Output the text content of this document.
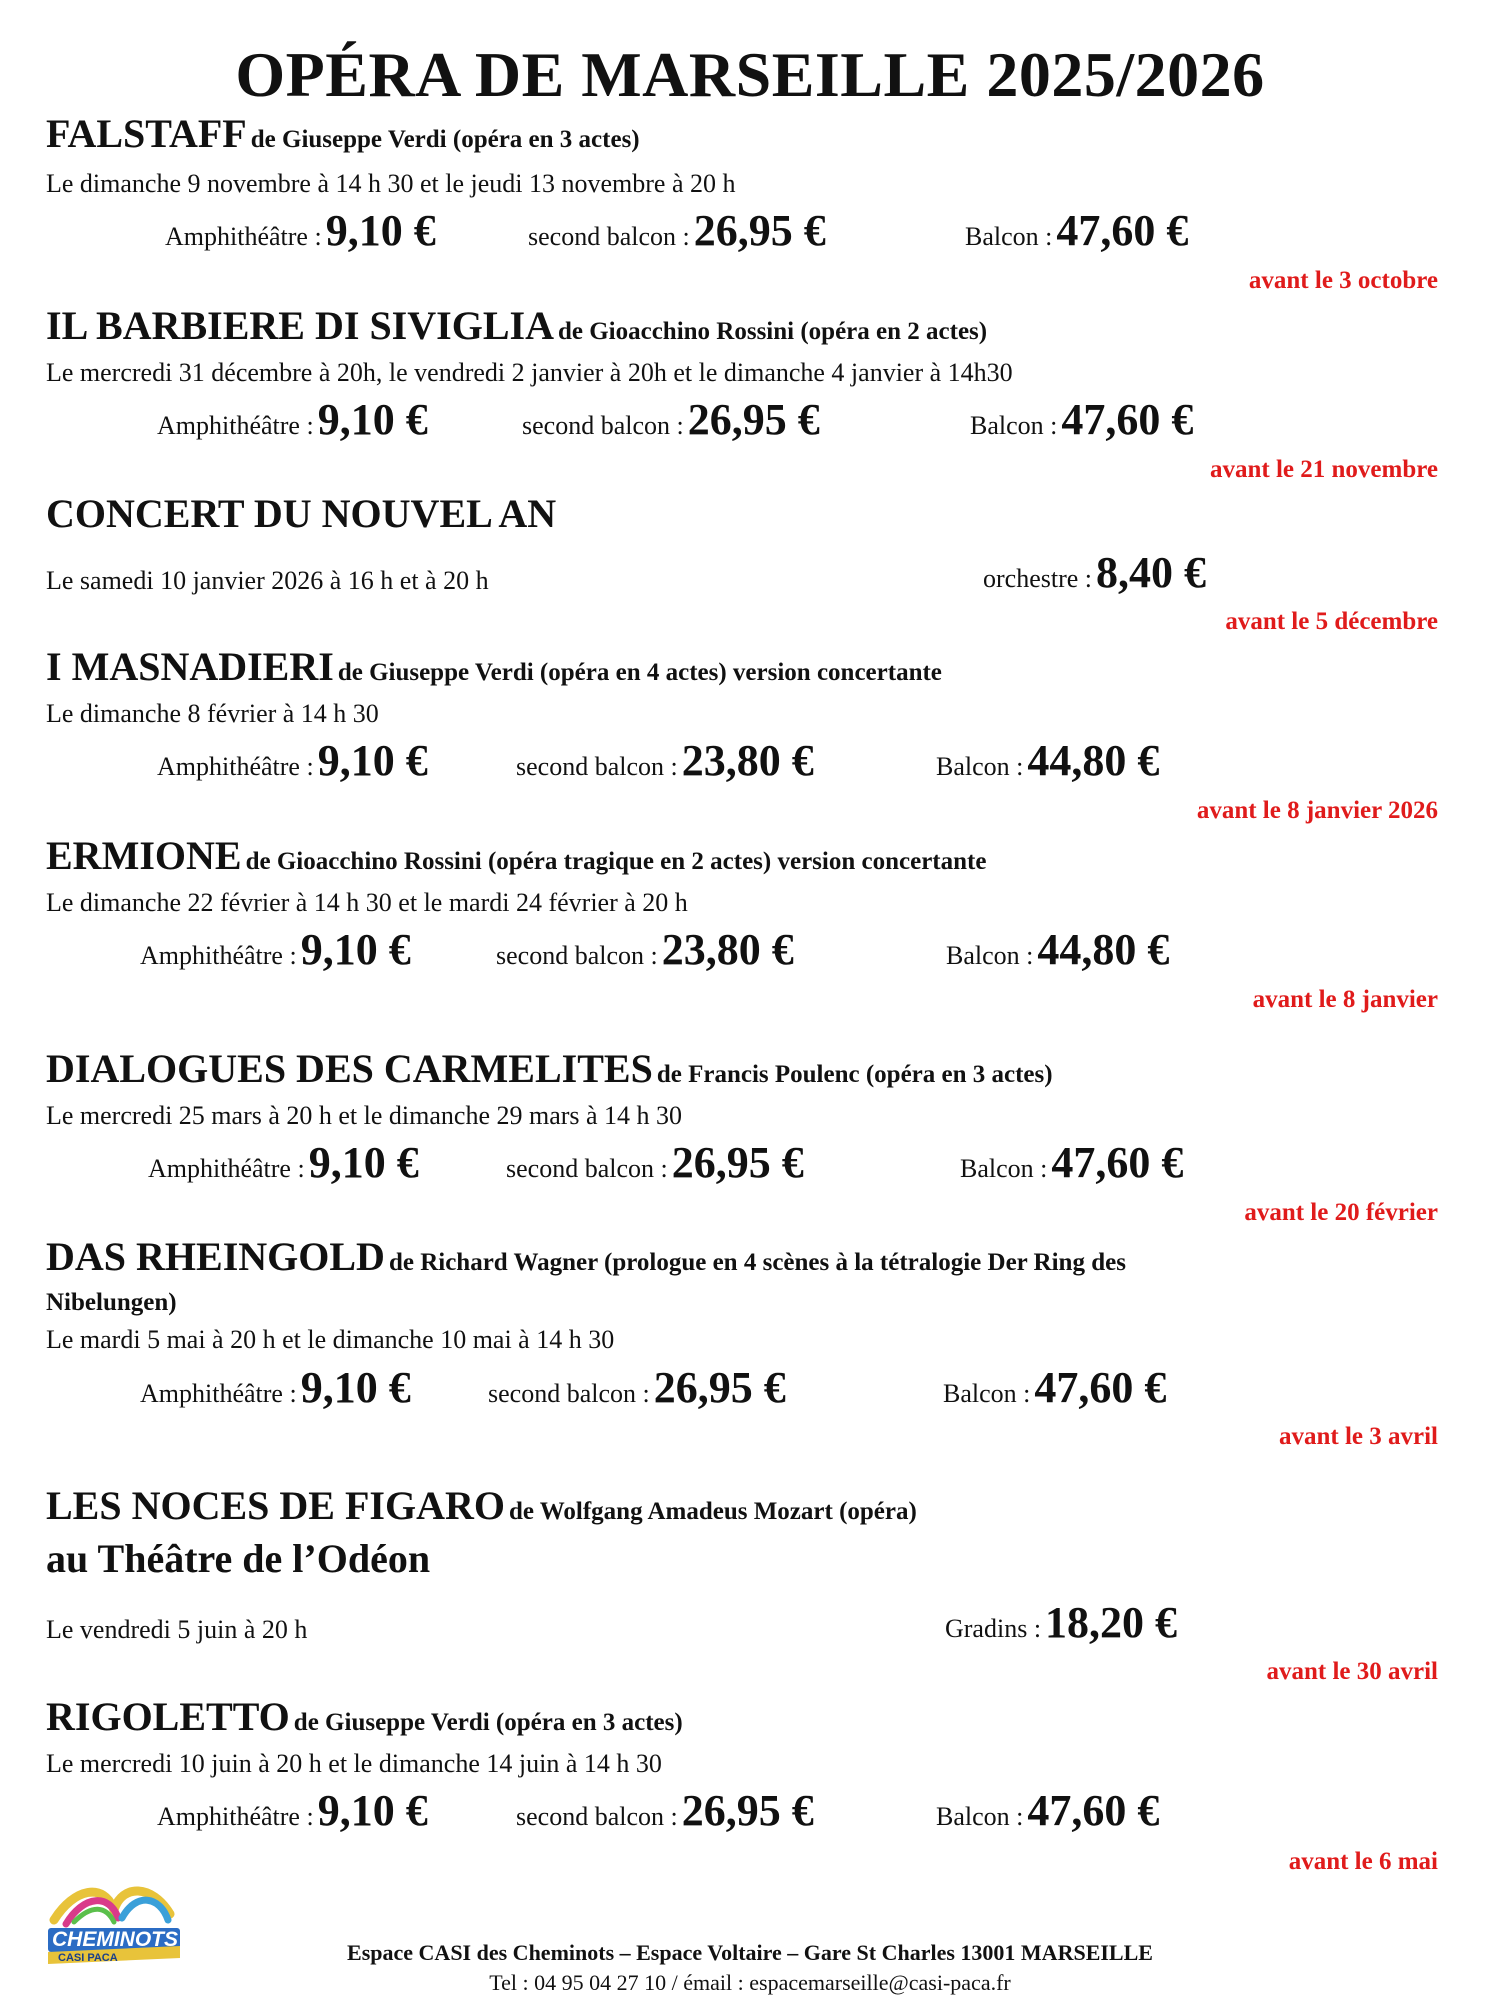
OPÉRA DE MARSEILLE 2025/2026
FALSTAFF de Giuseppe Verdi (opéra en 3 actes)
Le dimanche 9 novembre à 14 h 30 et le jeudi 13 novembre à 20 h
Amphithéâtre : 9,10 €	second balcon : 26,95 €	Balcon : 47,60 €
avant le 3 octobre
IL BARBIERE DI SIVIGLIA de Gioacchino Rossini (opéra en 2 actes)
Le mercredi 31 décembre à 20h, le vendredi 2 janvier à 20h et le dimanche 4 janvier à 14h30
Amphithéâtre : 9,10 €	second balcon : 26,95 €	Balcon : 47,60 €
avant le 21 novembre
CONCERT DU NOUVEL AN
Le samedi 10 janvier 2026 à 16 h et à 20 h	orchestre : 8,40 €
avant le 5 décembre
I MASNADIERI de Giuseppe Verdi (opéra en 4 actes) version concertante
Le dimanche 8 février à 14 h 30
Amphithéâtre : 9,10 €	second balcon : 23,80 €	Balcon : 44,80 €
avant le 8 janvier 2026
ERMIONE de Gioacchino Rossini (opéra tragique en 2 actes) version concertante
Le dimanche 22 février à 14 h 30 et le mardi 24 février à 20 h
Amphithéâtre : 9,10 €	second balcon : 23,80 €	Balcon : 44,80 €
avant le 8 janvier
DIALOGUES DES CARMELITES de Francis Poulenc (opéra en 3 actes)
Le mercredi 25 mars à 20 h et le dimanche 29 mars à 14 h 30
Amphithéâtre : 9,10 €	second balcon : 26,95 €	Balcon : 47,60 €
avant le 20 février
DAS RHEINGOLD de Richard Wagner (prologue en 4 scènes à la tétralogie Der Ring des
Nibelungen)
Le mardi 5 mai à 20 h et le dimanche 10 mai à 14 h 30
Amphithéâtre : 9,10 €	second balcon : 26,95 €	Balcon : 47,60 €
avant le 3 avril
LES NOCES DE FIGARO de Wolfgang Amadeus Mozart (opéra)
au Théâtre de l’Odéon
Le vendredi 5 juin à 20 h	Gradins : 18,20 €
avant le 30 avril
RIGOLETTO de Giuseppe Verdi (opéra en 3 actes)
Le mercredi 10 juin à 20 h et le dimanche 14 juin à 14 h 30
Amphithéâtre : 9,10 €	second balcon : 26,95 €	Balcon : 47,60 €
avant le 6 mai
CHEMINOTS
CASI PACA	Espace CASI des Cheminots – Espace Voltaire – Gare St Charles 13001 MARSEILLE
Tel : 04 95 04 27 10 / émail : espacemarseille@casi-paca.fr
